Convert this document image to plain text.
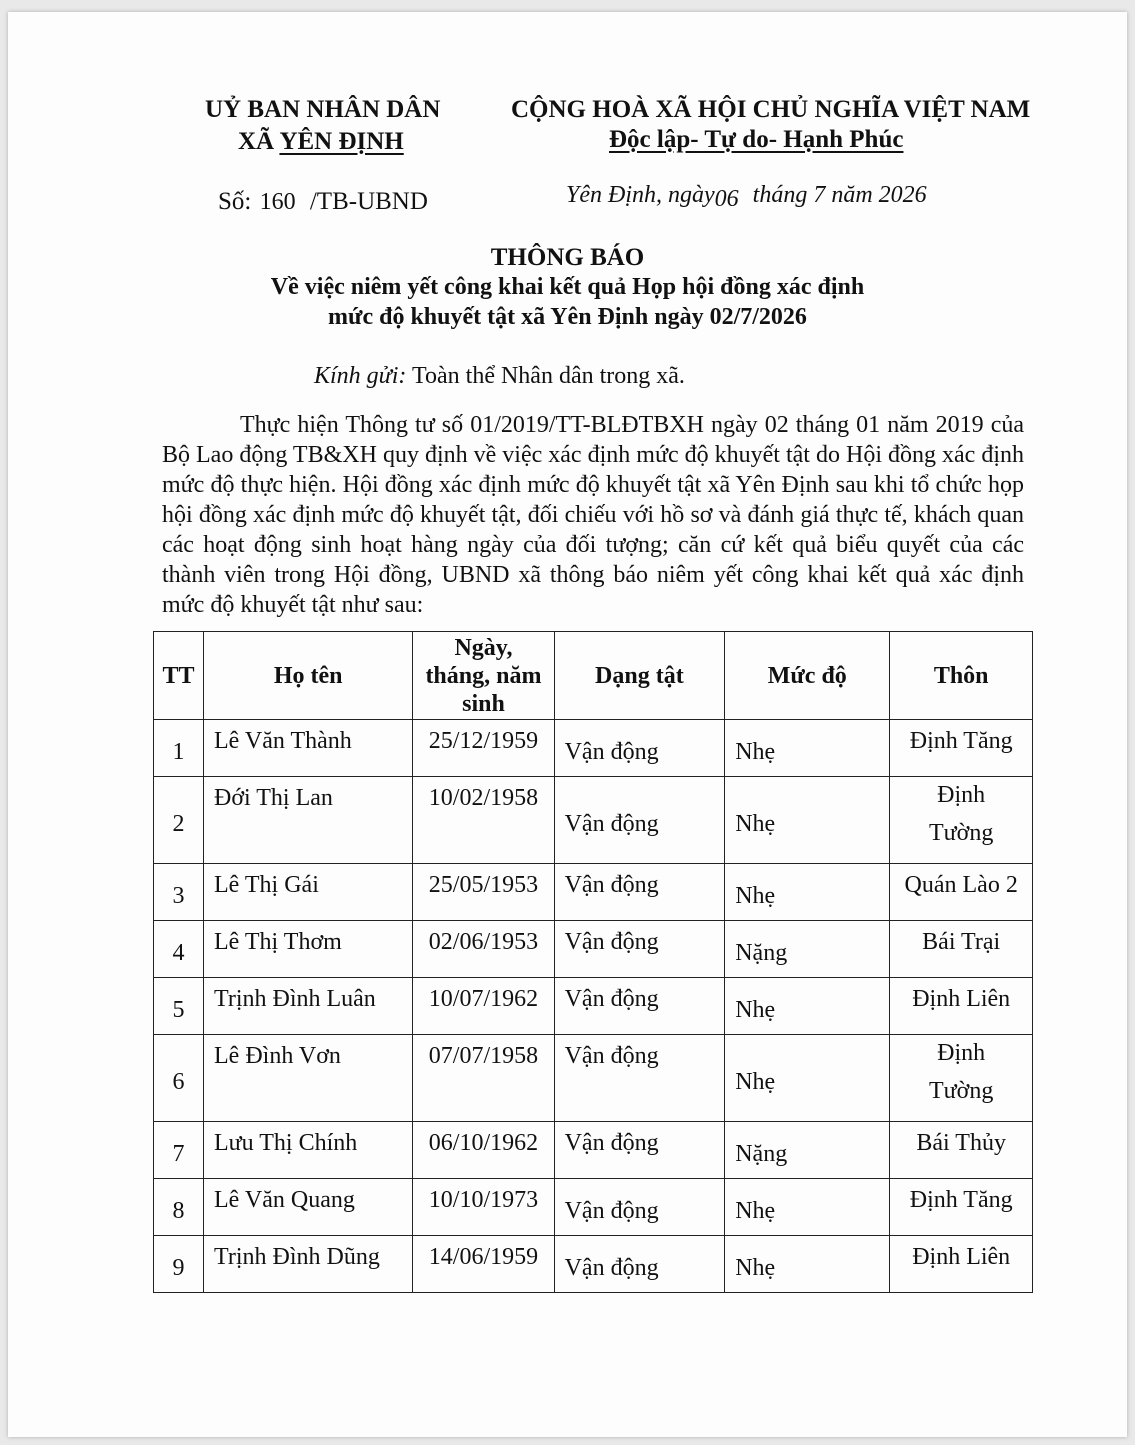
UỶ BAN NHÂN DÂN
XÃ YÊN ĐỊNH
CỘNG HOÀ XÃ HỘI CHỦ NGHĨA VIỆT NAM
Độc lập- Tự do- Hạnh Phúc
Số: 160 /TB-UBND	Yên Định, ngày06 tháng 7 năm 2026
THÔNG BÁO
Về việc niêm yết công khai kết quả Họp hội đồng xác định
mức độ khuyết tật xã Yên Định ngày 02/7/2026
Kính gửi: Toàn thể Nhân dân trong xã.
Thực hiện Thông tư số 01/2019/TT-BLĐTBXH ngày 02 tháng 01 năm 2019 của Bộ Lao động TB&XH quy định về việc xác định mức độ khuyết tật do Hội đồng xác định mức độ thực hiện. Hội đồng xác định mức độ khuyết tật xã Yên Định sau khi tổ chức họp hội đồng xác định mức độ khuyết tật, đối chiếu với hồ sơ và đánh giá thực tế, khách quan các hoạt động sinh hoạt hàng ngày của đối tượng; căn cứ kết quả biểu quyết của các thành viên trong Hội đồng, UBND xã thông báo niêm yết công khai kết quả xác định mức độ khuyết tật như sau:
TT	Họ tên	Ngày,
tháng, năm
sinh	Dạng tật	Mức độ	Thôn
1	Lê Văn Thành	25/12/1959	Vận động	Nhẹ	Định Tăng

2	Đới Thị Lan	10/02/1958	Vận động	Nhẹ	Định
Tường

3	Lê Thị Gái	25/05/1953	Vận động	Nhẹ	Quán Lào 2

4	Lê Thị Thơm	02/06/1953	Vận động	Nặng	Bái Trại

5	Trịnh Đình Luân	10/07/1962	Vận động	Nhẹ	Định Liên

6	Lê Đình Vơn	07/07/1958	Vận động	Nhẹ	Định
Tường

7	Lưu Thị Chính	06/10/1962	Vận động	Nặng	Bái Thủy

8	Lê Văn Quang	10/10/1973	Vận động	Nhẹ	Định Tăng

9	Trịnh Đình Dũng	14/06/1959	Vận động	Nhẹ	Định Liên
